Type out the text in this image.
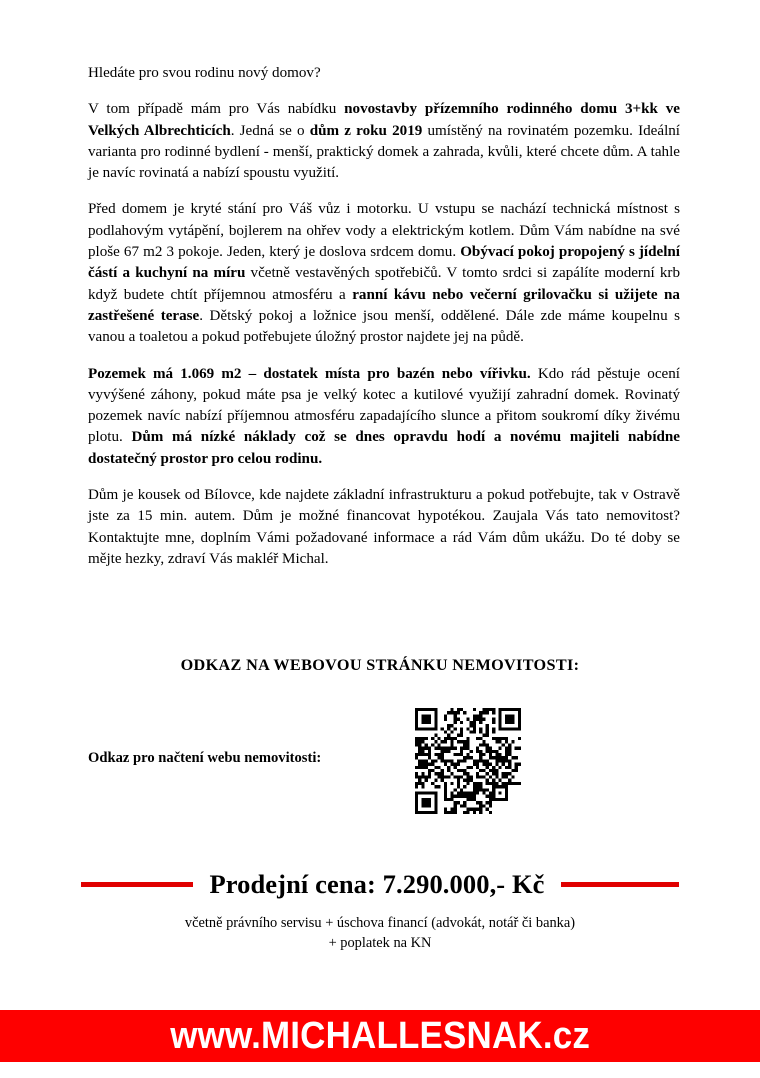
Hledáte pro svou rodinu nový domov?

V tom případě mám pro Vás nabídku novostavby přízemního rodinného domu 3+kk ve Velkých Albrechticích. Jedná se o dům z roku 2019 umístěný na rovinatém pozemku. Ideální varianta pro rodinné bydlení - menší, praktický domek a zahrada, kvůli, které chcete dům. A tahle je navíc rovinatá a nabízí spoustu využití.

Před domem je kryté stání pro Váš vůz i motorku. U vstupu se nachází technická místnost s podlahovým vytápění, bojlerem na ohřev vody a elektrickým kotlem. Dům Vám nabídne na své ploše 67 m2 3 pokoje. Jeden, který je doslova srdcem domu. Obývací pokoj propojený s jídelní částí a kuchyní na míru včetně vestavěných spotřebičů. V tomto srdci si zapálíte moderní krb když budete chtít příjemnou atmosféru a ranní kávu nebo večerní grilovačku si užijete na zastřešené terase. Dětský pokoj a ložnice jsou menší, oddělené. Dále zde máme koupelnu s vanou a toaletou a pokud potřebujete úložný prostor najdete jej na půdě.

Pozemek má 1.069 m2 – dostatek místa pro bazén nebo vířivku. Kdo rád pěstuje ocení vyvýšené záhony, pokud máte psa je velký kotec a kutilové využijí zahradní domek. Rovinatý pozemek navíc nabízí příjemnou atmosféru zapadajícího slunce a přitom soukromí díky živému plotu. Dům má nízké náklady což se dnes opravdu hodí a novému majiteli nabídne dostatečný prostor pro celou rodinu.

Dům je kousek od Bílovce, kde najdete základní infrastrukturu a pokud potřebujte, tak v Ostravě jste za 15 min. autem. Dům je možné financovat hypotékou. Zaujala Vás tato nemovitost? Kontaktujte mne, doplním Vámi požadované informace a rád Vám dům ukážu. Do té doby se mějte hezky, zdraví Vás makléř Michal.

ODKAZ NA WEBOVOU STRÁNKU NEMOVITOSTI:
Odkaz pro načtení webu nemovitosti:
Prodejní cena: 7.290.000,- Kč
včetně právního servisu + úschova financí (advokát, notář či banka)
+ poplatek na KN
www.MICHALLESNAK.cz
